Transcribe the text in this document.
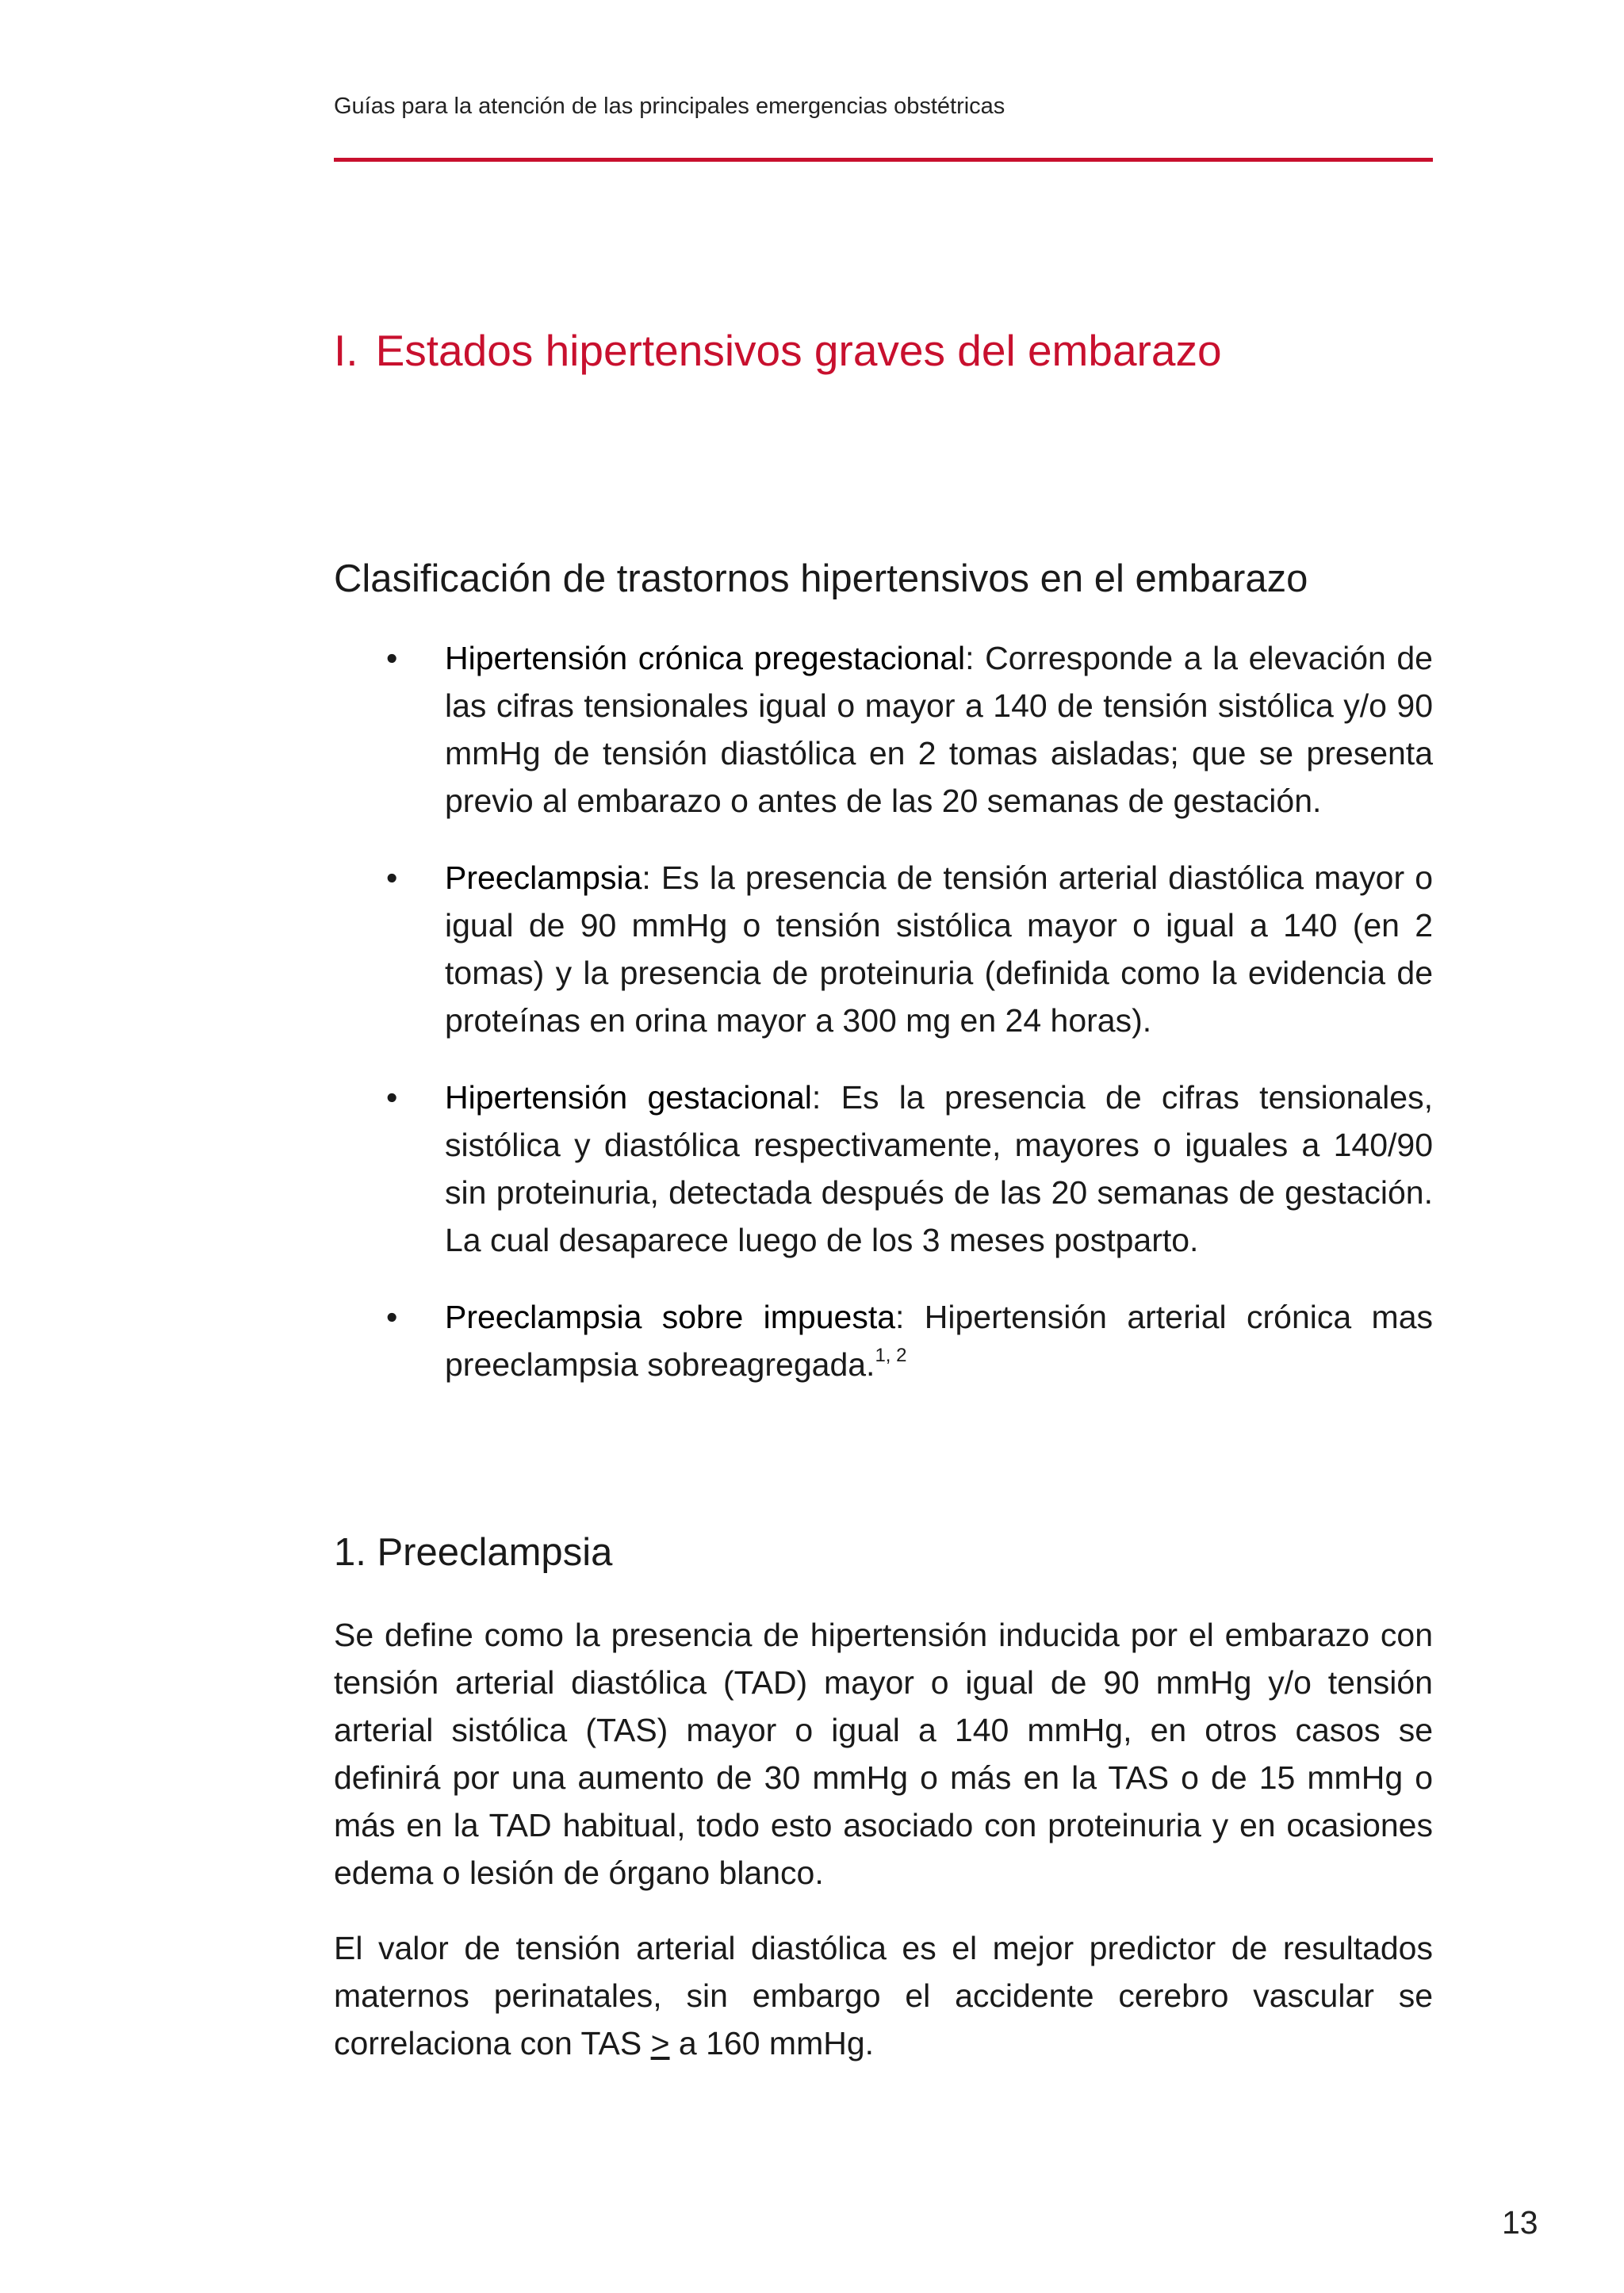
Guías para la atención de las principales emergencias obstétricas
I. Estados hipertensivos graves del embarazo
Clasificación de trastornos hipertensivos en el embarazo
• Hipertensión crónica pregestacional: Corresponde a la elevación de las cifras tensionales igual o mayor a 140 de tensión sistólica y/o 90 mmHg de tensión diastólica en 2 tomas aisladas; que se presenta previo al embarazo o antes de las 20 semanas de gestación.
• Preeclampsia: Es la presencia de tensión arterial diastólica mayor o igual de 90 mmHg o tensión sistólica mayor o igual a 140 (en 2 tomas) y la presencia de proteinuria (definida como la evidencia de proteínas en orina mayor a 300 mg en 24 horas).
• Hipertensión gestacional: Es la presencia de cifras tensionales, sistólica y diastólica respectivamente, mayores o iguales a 140/90 sin proteinuria, detectada después de las 20 semanas de gestación. La cual desaparece luego de los 3 meses postparto.
• Preeclampsia sobre impuesta: Hipertensión arterial crónica mas preeclampsia sobreagregada.$^{1, 2}$
1. Preeclampsia

Se define como la presencia de hipertensión inducida por el embarazo con tensión arterial diastólica (TAD) mayor o igual de 90 mmHg y/o tensión arterial sistólica (TAS) mayor o igual a 140 mmHg, en otros casos se definirá por una aumento de 30 mmHg o más en la TAS o de 15 mmHg o más en la TAD habitual, todo esto asociado con proteinuria y en ocasiones edema o lesión de órgano blanco.

El valor de tensión arterial diastólica es el mejor predictor de resultados maternos perinatales, sin embargo el accidente cerebro vascular se correlaciona con TAS ≥ a 160 mmHg.

13
